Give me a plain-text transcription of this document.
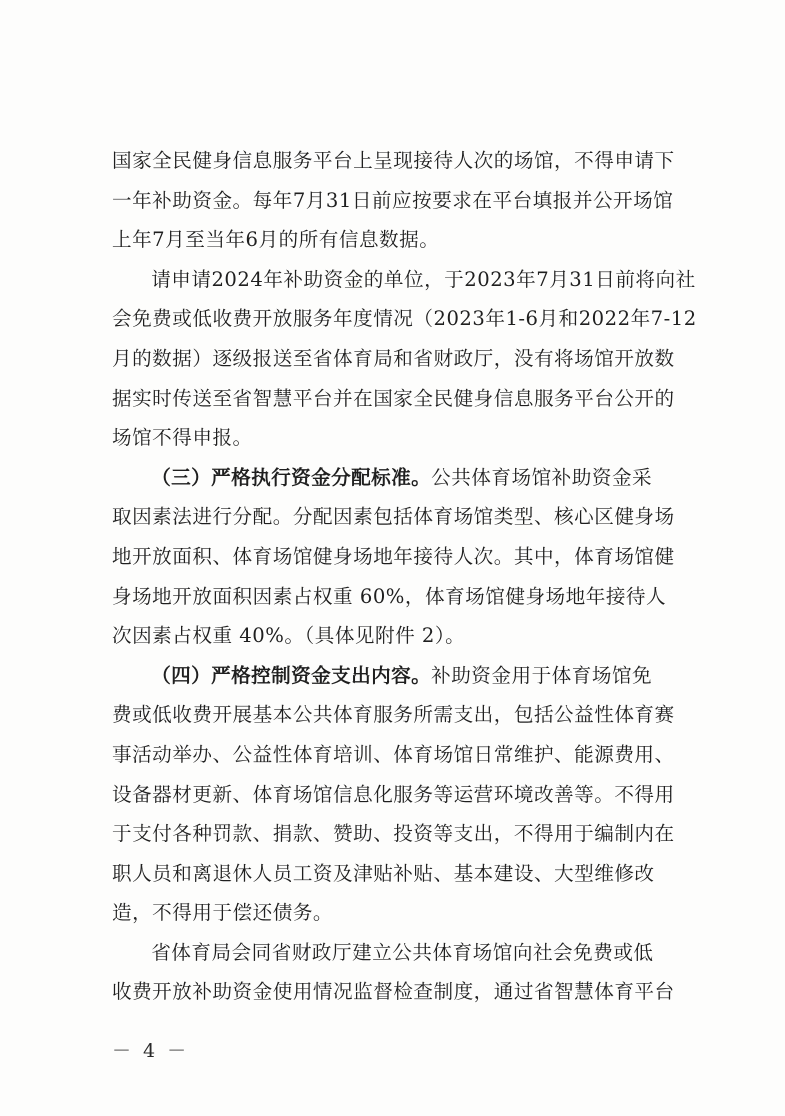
国家全民健身信息服务平台上呈现接待人次的场馆，不得申请下
一年补助资金。每年7月31日前应按要求在平台填报并公开场馆
上年7月至当年6月的所有信息数据。

请申请2024年补助资金的单位，于2023年7月31日前将向社
会免费或低收费开放服务年度情况（2023年1-6月和2022年7-12
月的数据）逐级报送至省体育局和省财政厅，没有将场馆开放数
据实时传送至省智慧平台并在国家全民健身信息服务平台公开的
场馆不得申报。

（三）严格执行资金分配标准。公共体育场馆补助资金采
取因素法进行分配。分配因素包括体育场馆类型、核心区健身场
地开放面积、体育场馆健身场地年接待人次。其中，体育场馆健
身场地开放面积因素占权重 60%，体育场馆健身场地年接待人
次因素占权重 40%。（具体见附件 2）。

（四）严格控制资金支出内容。补助资金用于体育场馆免
费或低收费开展基本公共体育服务所需支出，包括公益性体育赛
事活动举办、公益性体育培训、体育场馆日常维护、能源费用、
设备器材更新、体育场馆信息化服务等运营环境改善等。不得用
于支付各种罚款、捐款、赞助、投资等支出，不得用于编制内在
职人员和离退休人员工资及津贴补贴、基本建设、大型维修改
造，不得用于偿还债务。

省体育局会同省财政厅建立公共体育场馆向社会免费或低
收费开放补助资金使用情况监督检查制度，通过省智慧体育平台

－ 4 －
